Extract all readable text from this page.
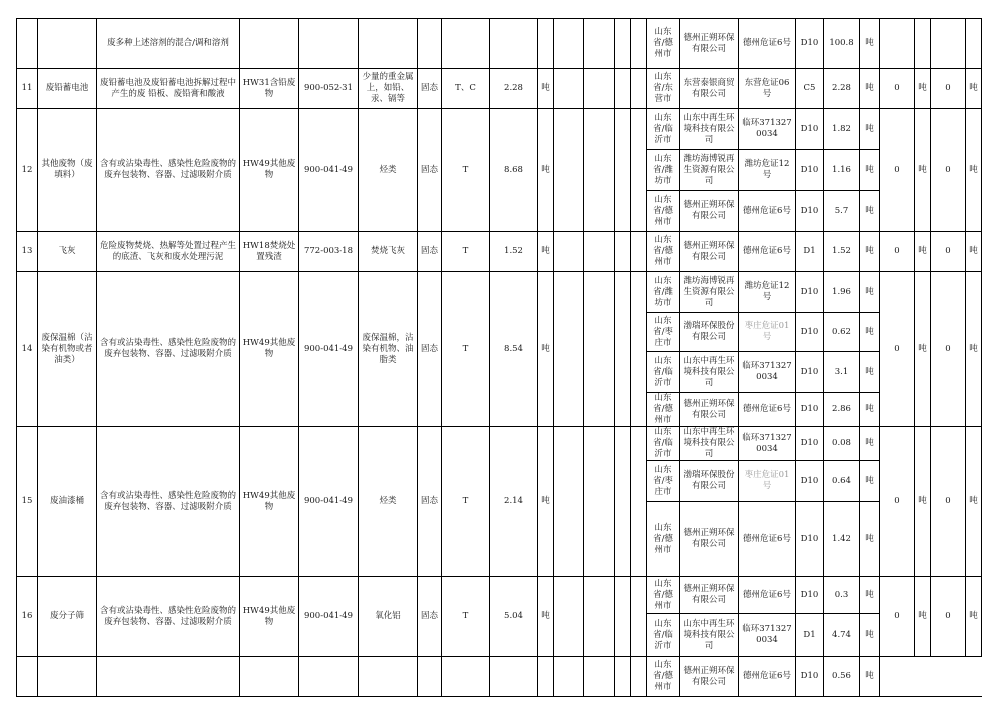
		废多种上述溶剂的混合/调和溶剂												山东省/德州市	德州正朔环保有限公司	德州危证6号	D10	100.8	吨				
11	废铅蓄电池	废铅蓄电池及废铅蓄电池拆解过程中产生的废 铅板、废铅膏和酸液	HW31含铅废物	900-052-31	少量的重金属上，如铅、汞、镉等	固态	T、C	2.28	吨					山东省/东营市	东营泰银商贸有限公司	东营危证06号	C5	2.28	吨	0	吨	0	吨
12	其他废物（废填料）	含有或沾染毒性、感染性危险废物的废弃包装物、容器、过滤吸附介质	HW49其他废物	900-041-49	烃类	固态	T	8.68	吨					山东省/临沂市	山东中再生环境科技有限公司	临环3713270034	D10	1.82	吨	0	吨	0	吨
														山东省/潍坊市	潍坊海博锐再生资源有限公司	潍坊危证12号	D10	1.16	吨				
														山东省/德州市	德州正朔环保有限公司	德州危证6号	D10	5.7	吨				
13	飞灰	危险废物焚烧、热解等处置过程产生的底渣、飞灰和废水处理污泥	HW18焚烧处置残渣	772-003-18	焚烧飞灰	固态	T	1.52	吨					山东省/德州市	德州正朔环保有限公司	德州危证6号	D1	1.52	吨	0	吨	0	吨
14	废保温棉（沾染有机物或者油类）	含有或沾染毒性、感染性危险废物的废弃包装物、容器、过滤吸附介质	HW49其他废物	900-041-49	废保温棉，沾染有机物、油脂类	固态	T	8.54	吨					山东省/潍坊市	潍坊海博锐再生资源有限公司	潍坊危证12号	D10	1.96	吨	0	吨	0	吨
														山东省/枣庄市	渤瑞环保股份有限公司	枣庄危证01号	D10	0.62	吨				
														山东省/临沂市	山东中再生环境科技有限公司	临环3713270034	D10	3.1	吨				
														山东省/德州市	德州正朔环保有限公司	德州危证6号	D10	2.86	吨				
15	废油漆桶	含有或沾染毒性、感染性危险废物的废弃包装物、容器、过滤吸附介质	HW49其他废物	900-041-49	烃类	固态	T	2.14	吨					山东省/临沂市	山东中再生环境科技有限公司	临环3713270034	D10	0.08	吨	0	吨	0	吨
														山东省/枣庄市	渤瑞环保股份有限公司	枣庄危证01号	D10	0.64	吨				
														山东省/德州市	德州正朔环保有限公司	德州危证6号	D10	1.42	吨				
16	废分子筛	含有或沾染毒性、感染性危险废物的废弃包装物、容器、过滤吸附介质	HW49其他废物	900-041-49	氧化铝	固态	T	5.04	吨					山东省/德州市	德州正朔环保有限公司	德州危证6号	D10	0.3	吨	0	吨	0	吨
														山东省/临沂市	山东中再生环境科技有限公司	临环3713270034	D1	4.74	吨				
														山东省/德州市	德州正朔环保有限公司	德州危证6号	D10	0.56	吨				
